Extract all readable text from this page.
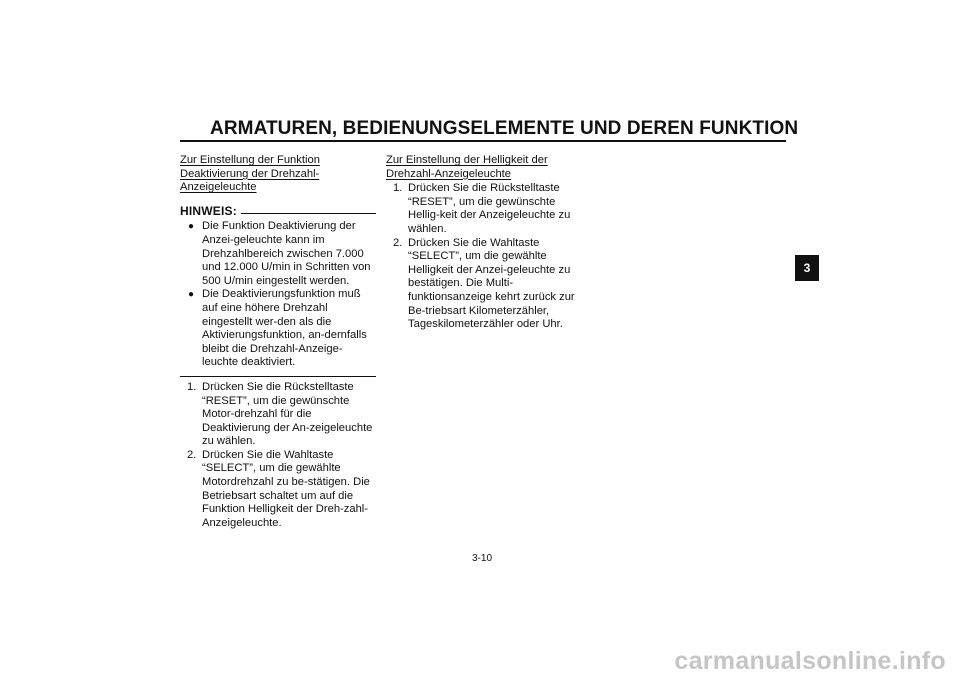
ARMATUREN, BEDIENUNGSELEMENTE UND DEREN FUNKTION
Zur Einstellung der Funktion Deaktivierung der Drehzahl-Anzeigeleuchte
HINWEIS:
● Die Funktion Deaktivierung der Anzei-geleuchte kann im Drehzahlbereich zwischen 7.000 und 12.000 U/min in Schritten von 500 U/min eingestellt werden.
● Die Deaktivierungsfunktion muß auf eine höhere Drehzahl eingestellt wer-den als die Aktivierungsfunktion, an-dernfalls bleibt die Drehzahl-Anzeige-leuchte deaktiviert.
1. Drücken Sie die Rückstelltaste “RESET”, um die gewünschte Motor-drehzahl für die Deaktivierung der An-zeigeleuchte zu wählen.
2. Drücken Sie die Wahltaste “SELECT”, um die gewählte Motordrehzahl zu be-stätigen. Die Betriebsart schaltet um auf die Funktion Helligkeit der Dreh-zahl-Anzeigeleuchte.
Zur Einstellung der Helligkeit der Drehzahl-Anzeigeleuchte
1. Drücken Sie die Rückstelltaste “RESET”, um die gewünschte Hellig-keit der Anzeigeleuchte zu wählen.
2. Drücken Sie die Wahltaste “SELECT”, um die gewählte Helligkeit der Anzei-geleuchte zu bestätigen. Die Multi-funktionsanzeige kehrt zurück zur Be-triebsart Kilometerzähler, Tageskilometerzähler oder Uhr.
3
3-10
carmanualsonline.info
